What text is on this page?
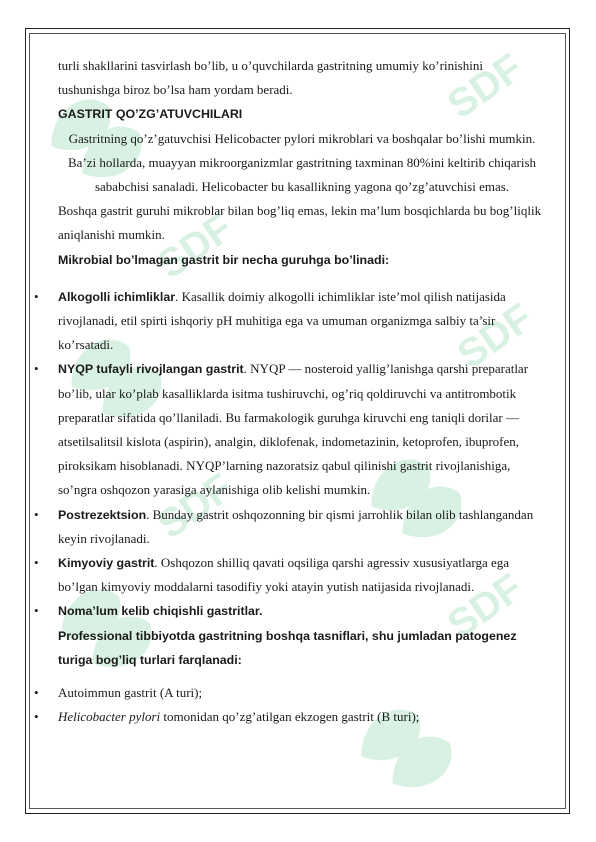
SDF
SDF
SDF
SDF
SDF

turli shakllarini tasvirlash bo’lib, u o’quvchilarda gastritning umumiy ko’rinishini

tushunishga biroz bo’lsa ham yordam beradi.

GASTRIT QO’ZG’ATUVCHILARI

Gastritning qo’z’gatuvchisi Helicobacter pylori mikroblari va boshqalar bo’lishi mumkin. Ba’zi hollarda, muayyan mikroorganizmlar gastritning taxminan 80%ini keltirib chiqarish sababchisi sanaladi. Helicobacter bu kasallikning yagona qo’zg’atuvchisi emas.

Boshqa gastrit guruhi mikroblar bilan bog’liq emas, lekin ma’lum bosqichlarda bu bog’liqlik aniqlanishi mumkin.

Mikrobial bo’lmagan gastrit bir necha guruhga bo’linadi:

• Alkogolli ichimliklar. Kasallik doimiy alkogolli ichimliklar iste’mol qilish natijasida rivojlanadi, etil spirti ishqoriy pH muhitiga ega va umuman organizmga salbiy ta’sir ko’rsatadi.
• NYQP tufayli rivojlangan gastrit. NYQP — nosteroid yallig’lanishga qarshi preparatlar bo’lib, ular ko’plab kasalliklarda isitma tushiruvchi, og’riq qoldiruvchi va antitrombotik preparatlar sifatida qo’llaniladi. Bu farmakologik guruhga kiruvchi eng taniqli dorilar — atsetilsalitsil kislota (aspirin), analgin, diklofenak, indometazinin, ketoprofen, ibuprofen, piroksikam hisoblanadi. NYQP’larning nazoratsiz qabul qilinishi gastrit rivojlanishiga, so’ngra oshqozon yarasiga aylanishiga olib kelishi mumkin.
• Postrezektsion. Bunday gastrit oshqozonning bir qismi jarrohlik bilan olib tashlangandan keyin rivojlanadi.
• Kimyoviy gastrit. Oshqozon shilliq qavati oqsiliga qarshi agressiv xususiyatlarga ega bo’lgan kimyoviy moddalarni tasodifiy yoki atayin yutish natijasida rivojlanadi.
• Noma’lum kelib chiqishli gastritlar.

Professional tibbiyotda gastritning boshqa tasniflari, shu jumladan patogenez turiga bog’liq turlari farqlanadi:

• Autoimmun gastrit (A turi);
• Helicobacter pylori tomonidan qo’zg’atilgan ekzogen gastrit (B turi);
